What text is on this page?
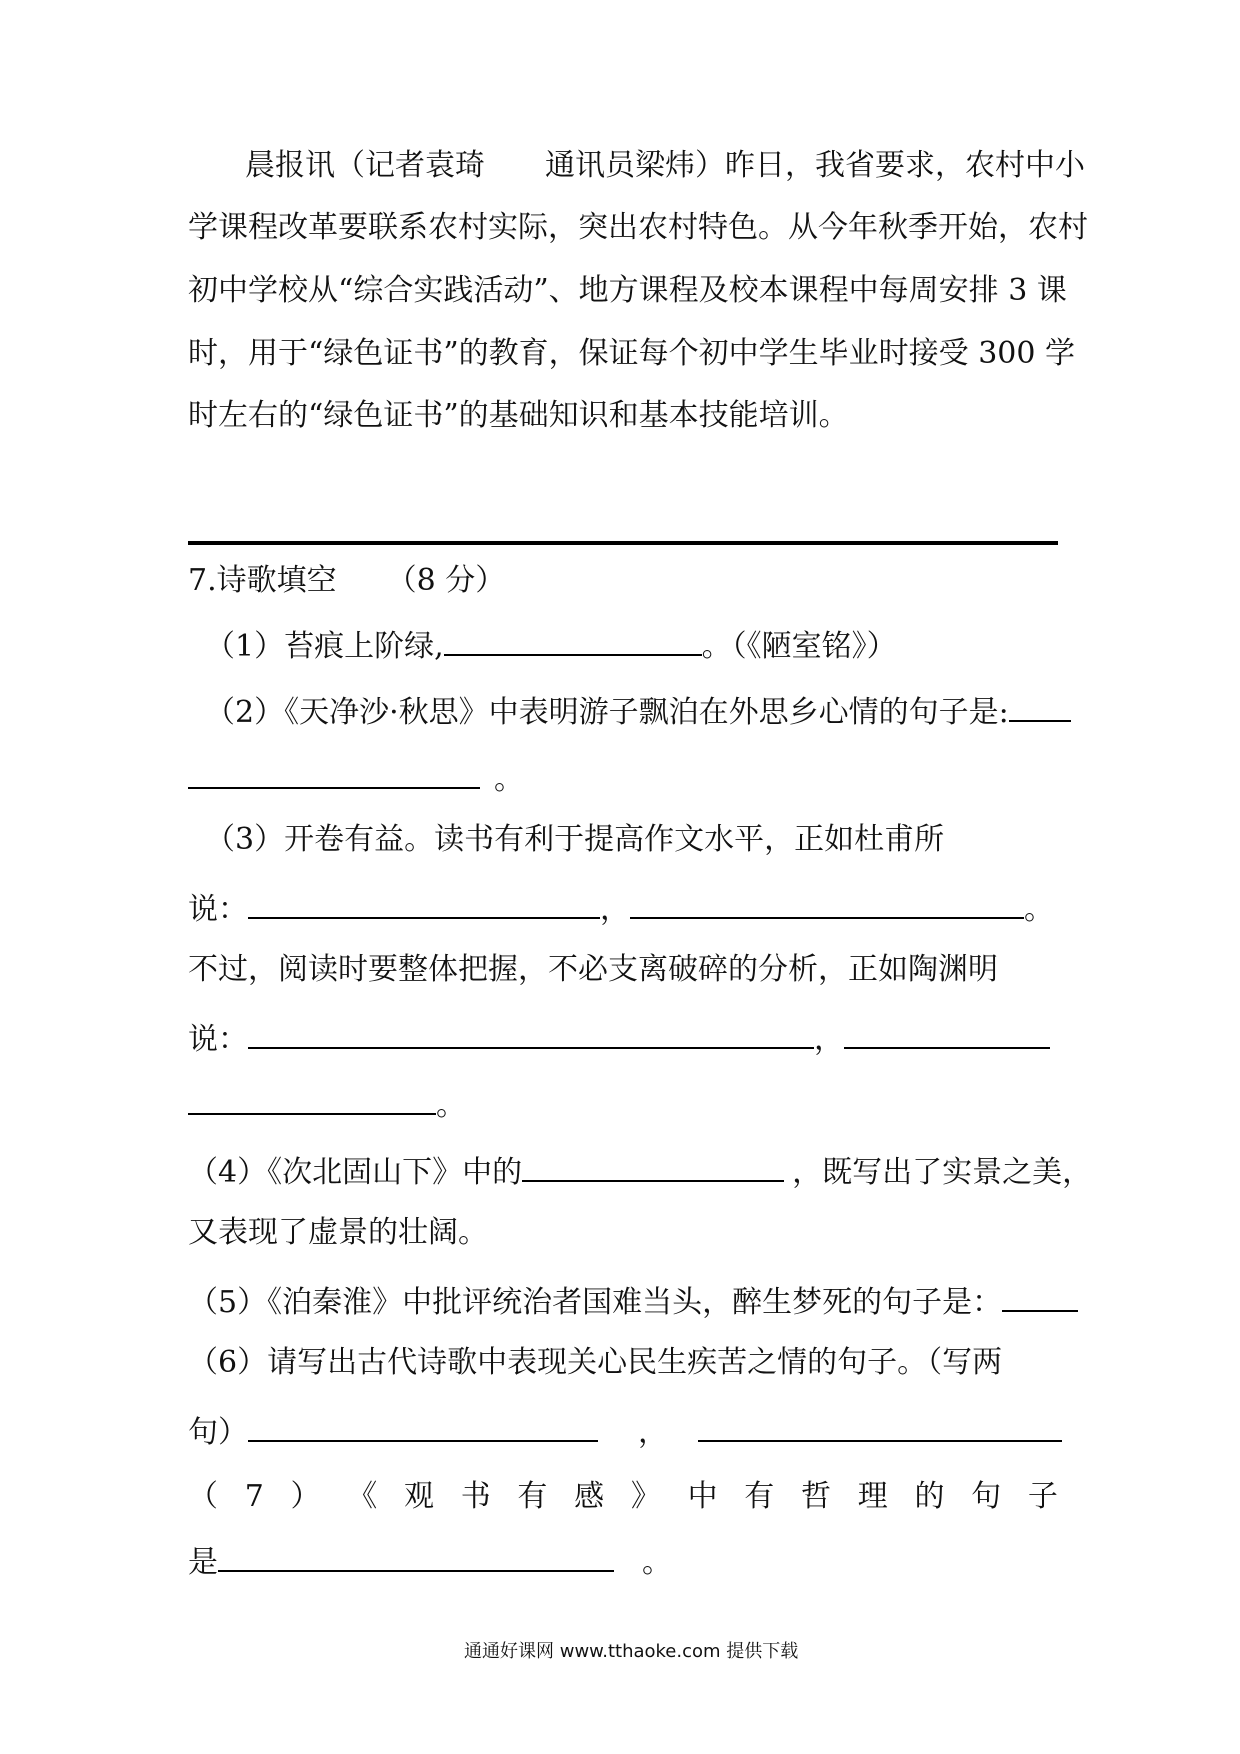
晨报讯（记者袁琦　　通讯员梁炜）昨日，我省要求，农村中小
学课程改革要联系农村实际，突出农村特色。从今年秋季开始，农村
初中学校从“综合实践活动”、地方课程及校本课程中每周安排 3 课
时，用于“绿色证书”的教育，保证每个初中学生毕业时接受 300 学
时左右的“绿色证书”的基础知识和基本技能培训。
7.诗歌填空 （8 分）
（1）苔痕上阶绿,	。（《陋室铭》）
（2）《天净沙·秋思》中表明游子飘泊在外思乡心情的句子是:
。
（3）开卷有益。读书有利于提高作文水平，正如杜甫所
说：	，	。
不过，阅读时要整体把握，不必支离破碎的分析，正如陶渊明
说：	，
。
（4）《次北固山下》中的	，既写出了实景之美，
又表现了虚景的壮阔。
（5）《泊秦淮》中批评统治者国难当头，醉生梦死的句子是：
（6）请写出古代诗歌中表现关心民生疾苦之情的句子。（写两
句）	，
（ 7 ） 《 观 书 有 感 》 中 有 哲 理 的 句 子
是	。
通通好课网 www.tthaoke.com 提供下载
